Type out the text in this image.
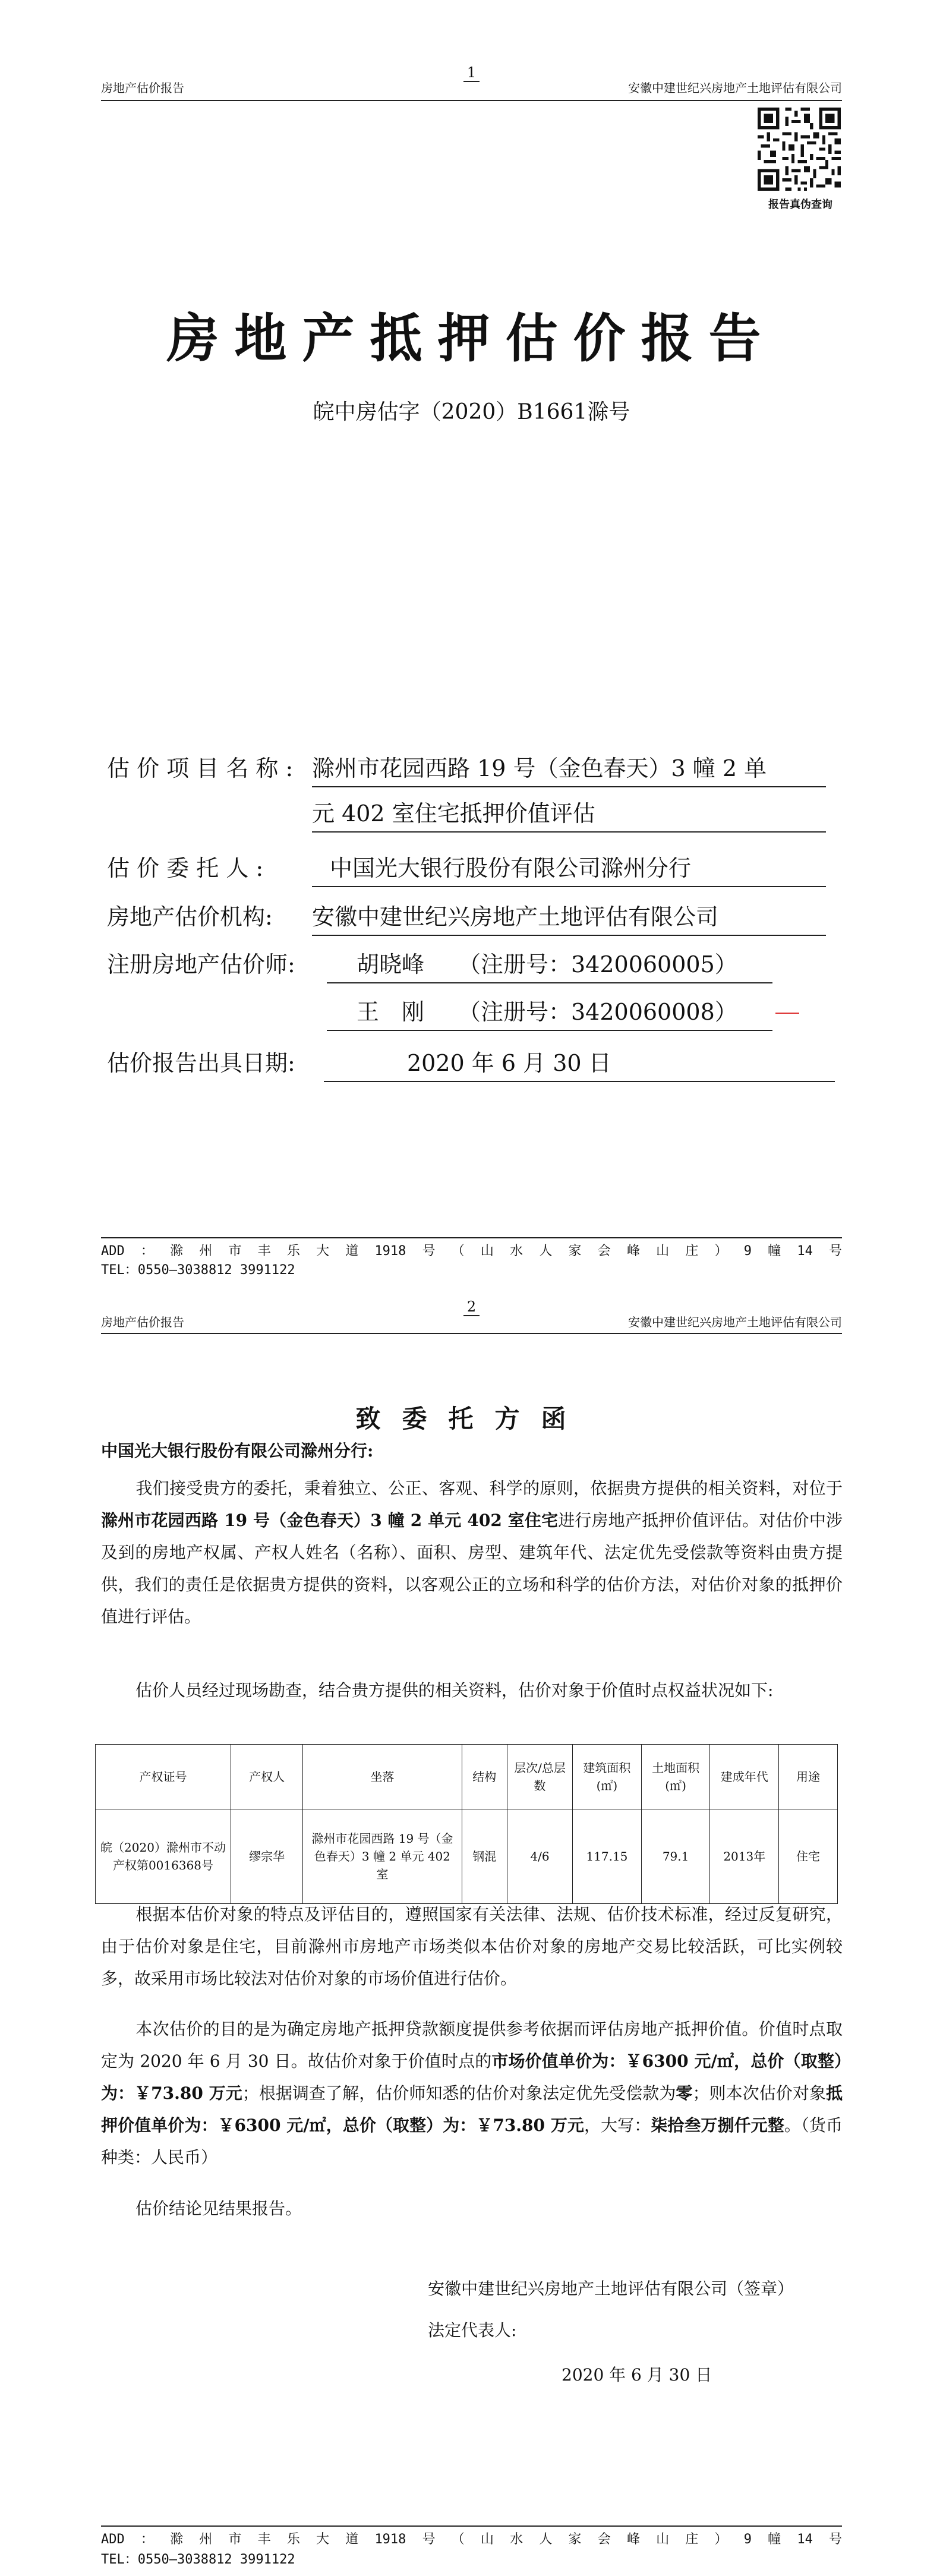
1
房地产估价报告	安徽中建世纪兴房地产土地评估有限公司
报告真伪查询
房地产抵押估价报告
皖中房估字（2020）B1661滁号
估 价 项 目 名 称 : 滁州市花园西路 19 号（金色春天）3 幢 2 单
元 402 室住宅抵押价值评估
估 价 委 托 人 :	中国光大银行股份有限公司滁州分行
房地产估价机构: 安徽中建世纪兴房地产土地评估有限公司
注册房地产估价师:	胡晓峰　　（注册号：3420060005）
王　刚　　（注册号：3420060008）
估价报告出具日期:	2020 年 6 月 30 日
ADD：滁州市丰乐大道1918号（山水人家会峰山庄）9幢14号
TEL：0550—3038812 3991122
2
房地产估价报告	安徽中建世纪兴房地产土地评估有限公司
致委托方函
中国光大银行股份有限公司滁州分行:
我们接受贵方的委托，秉着独立、公正、客观、科学的原则，依据贵方提供的相关资料，对位于滁州市花园西路 19 号（金色春天）3 幢 2 单元 402 室住宅进行房地产抵押价值评估。对估价中涉及到的房地产权属、产权人姓名（名称）、面积、房型、建筑年代、法定优先受偿款等资料由贵方提供，我们的责任是依据贵方提供的资料，以客观公正的立场和科学的估价方法，对估价对象的抵押价值进行评估。
估价人员经过现场勘查，结合贵方提供的相关资料，估价对象于价值时点权益状况如下:
产权证号	产权人	坐落	结构	层次/总层数	建筑面积(㎡)	土地面积(㎡)	建成年代	用途
皖（2020）滁州市不动产权第0016368号	缪宗华	滁州市花园西路 19 号（金色春天）3 幢 2 单元 402 室	钢混	4/6	117.15	79.1	2013年	住宅
根据本估价对象的特点及评估目的，遵照国家有关法律、法规、估价技术标准，经过反复研究，由于估价对象是住宅，目前滁州市房地产市场类似本估价对象的房地产交易比较活跃，可比实例较多，故采用市场比较法对估价对象的市场价值进行估价。
本次估价的目的是为确定房地产抵押贷款额度提供参考依据而评估房地产抵押价值。价值时点取定为 2020 年 6 月 30 日。故估价对象于价值时点的市场价值单价为：￥6300 元/㎡，总价（取整）为：￥73.80 万元；根据调查了解，估价师知悉的估价对象法定优先受偿款为零；则本次估价对象抵押价值单价为：￥6300 元/㎡，总价（取整）为：￥73.80 万元，大写：柒拾叁万捌仟元整。（货币种类：人民币）
估价结论见结果报告。
安徽中建世纪兴房地产土地评估有限公司（签章）
法定代表人:
2020 年 6 月 30 日
ADD：滁州市丰乐大道1918号（山水人家会峰山庄）9幢14号
TEL：0550—3038812 3991122
